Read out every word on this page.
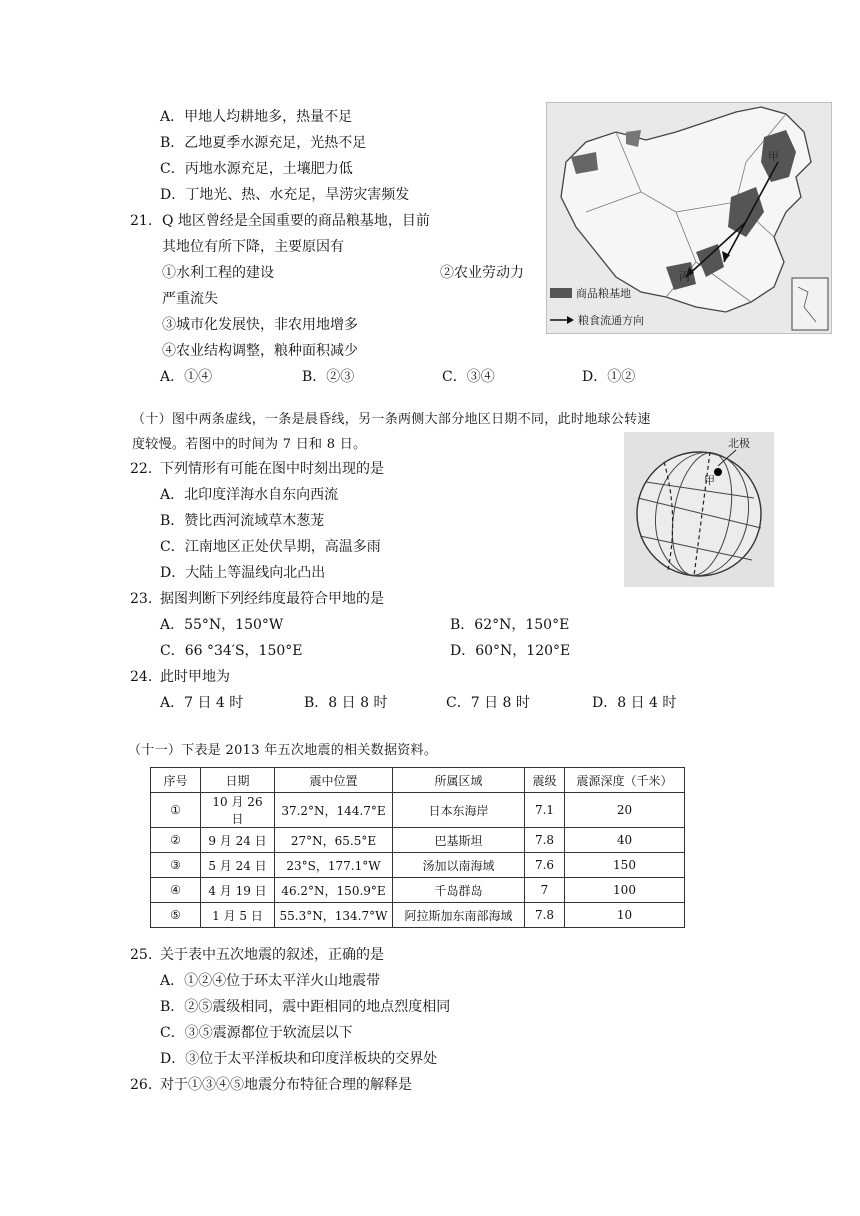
A．甲地人均耕地多，热量不足
B．乙地夏季水源充足，光热不足
C．丙地水源充足，土壤肥力低
D．丁地光、热、水充足，旱涝灾害频发
21. Q 地区曾经是全国重要的商品粮基地，目前
其地位有所下降，主要原因有
①水利工程的建设	②农业劳动力
严重流失
③城市化发展快，非农用地增多
④农业结构调整，粮种面积减少
A．①④	B．②③	C．③④	D．①②
甲
丙
商品粮基地
粮食流通方向
（十）图中两条虚线，一条是晨昏线，另一条两侧大部分地区日期不同，此时地球公转速
度较慢。若图中的时间为 7 日和 8 日。	北极
甲
22. 下列情形有可能在图中时刻出现的是
A．北印度洋海水自东向西流
B．赞比西河流域草木葱茏
C．江南地区正处伏旱期，高温多雨
D．大陆上等温线向北凸出
23. 据图判断下列经纬度最符合甲地的是
A．55°N，150°W	B．62°N，150°E
C．66 °34′S，150°E	D．60°N，120°E
24. 此时甲地为
A．7 日 4 时	B．8 日 8 时	C．7 日 8 时	D．8 日 4 时
（十一）下表是 2013 年五次地震的相关数据资料。
序号	日期	震中位置	所属区域	震级	震源深度（千米）
①	10 月 26 日	37.2°N，144.7°E	日本东海岸	7.1	20
②	9 月 24 日	27°N，65.5°E	巴基斯坦	7.8	40
③	5 月 24 日	23°S，177.1°W	汤加以南海域	7.6	150
④	4 月 19 日	46.2°N，150.9°E	千岛群岛	7	100
⑤	1 月 5 日	55.3°N，134.7°W	阿拉斯加东南部海域	7.8	10
25. 关于表中五次地震的叙述，正确的是
A．①②④位于环太平洋火山地震带
B．②⑤震级相同，震中距相同的地点烈度相同
C．③⑤震源都位于软流层以下
D．③位于太平洋板块和印度洋板块的交界处
26. 对于①③④⑤地震分布特征合理的解释是
